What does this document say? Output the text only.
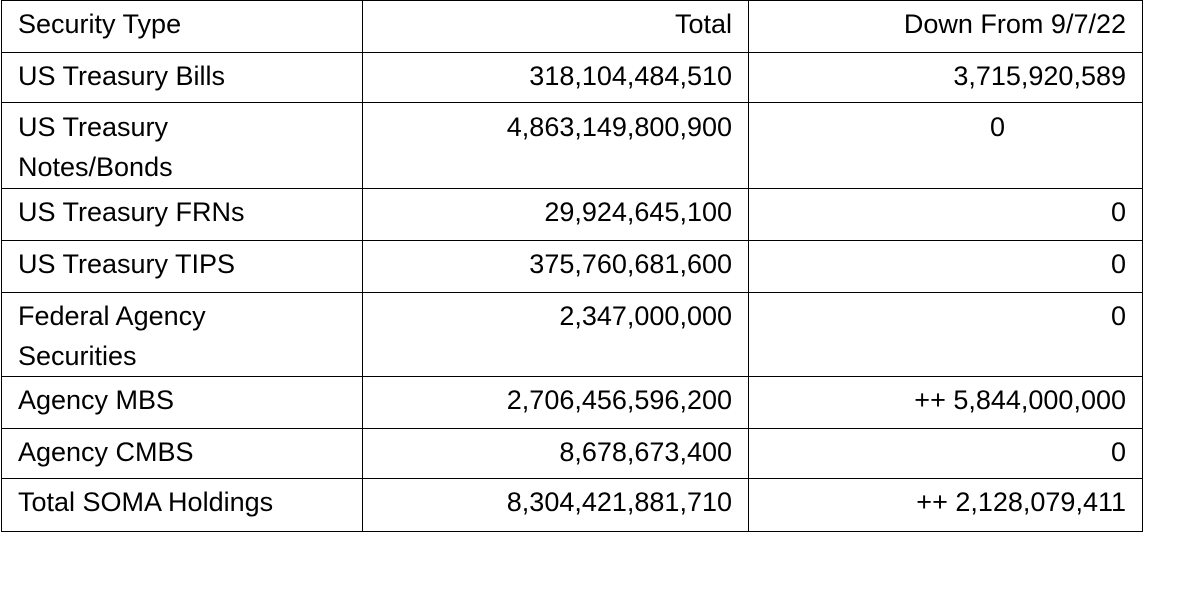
Security Type	Total	Down From 9/7/22
US Treasury Bills	318,104,484,510	3,715,920,589

US Treasury
Notes/Bonds	4,863,149,800,900	0
US Treasury FRNs	29,924,645,100	0
US Treasury TIPS	375,760,681,600	0

Federal Agency
Securities	2,347,000,000	0
Agency MBS	2,706,456,596,200	++ 5,844,000,000
Agency CMBS	8,678,673,400	0
Total SOMA Holdings	8,304,421,881,710	++ 2,128,079,411
